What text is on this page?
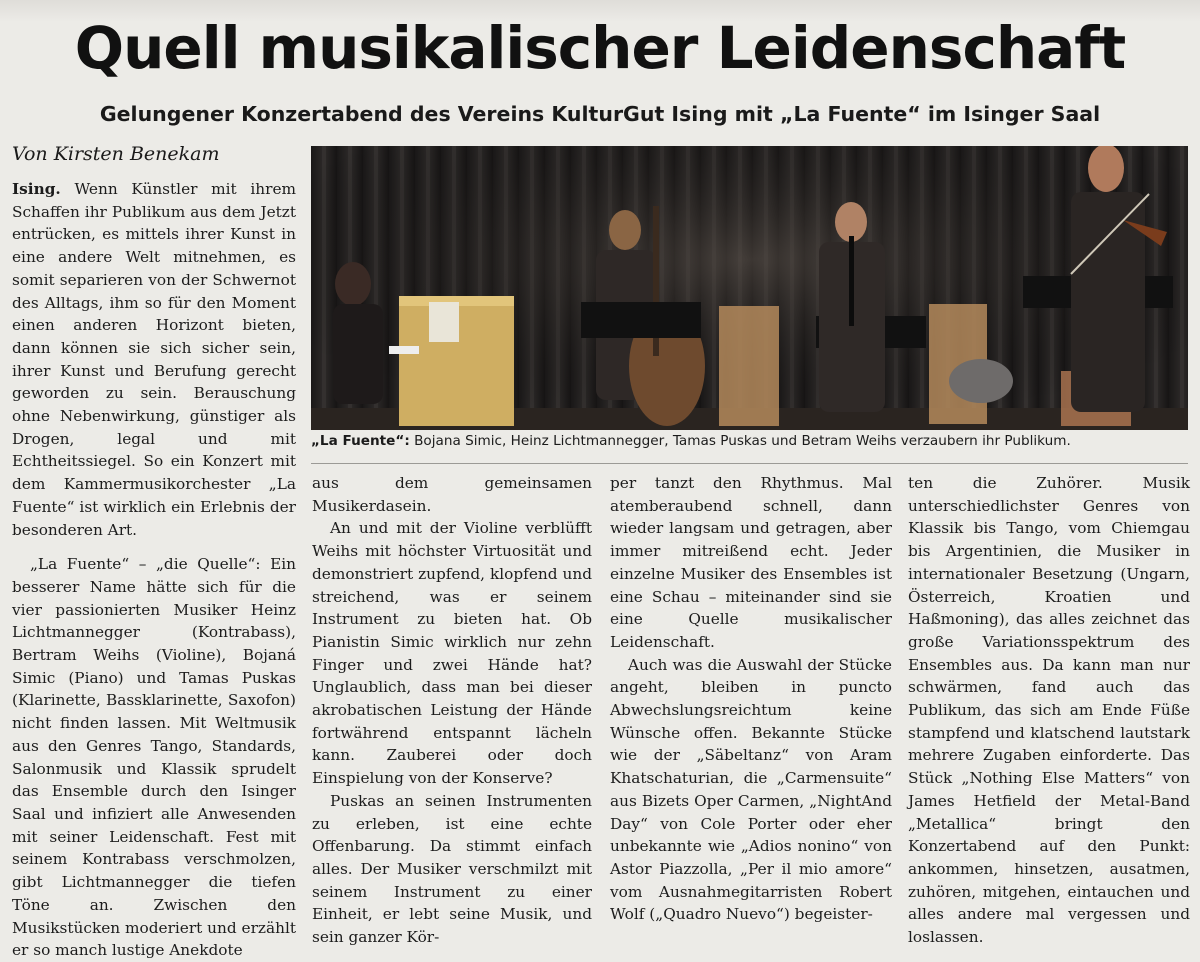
Quell musikalischer Leidenschaft
Gelungener Konzertabend des Vereins KulturGut Ising mit „La Fuente“ im Isinger Saal
Von Kirsten Benekam
„La Fuente“: Bojana Simic, Heinz Lichtmannegger, Tamas Puskas und Betram Weihs verzaubern ihr Publikum.

Ising. Wenn Künstler mit ihrem Schaffen ihr Publikum aus dem Jetzt entrücken, es mittels ihrer Kunst in eine andere Welt mitnehmen, es somit separieren von der Schwernot des Alltags, ihm so für den Moment einen anderen Horizont bieten, dann können sie sich sicher sein, ihrer Kunst und Berufung gerecht geworden zu sein. Berauschung ohne Nebenwirkung, günstiger als Drogen, legal und mit Echtheitssiegel. So ein Konzert mit dem Kammermusikorchester „La Fuente“ ist wirklich ein Erlebnis der besonderen Art.

„La Fuente“ – „die Quelle“: Ein besserer Name hätte sich für die vier passionierten Musiker Heinz Lichtmannegger (Kontrabass), Bertram Weihs (Violine), Bojaná Simic (Piano) und Tamas Puskas (Klarinette, Bassklarinette, Saxofon) nicht finden lassen. Mit Weltmusik aus den Genres Tango, Standards, Salonmusik und Klassik sprudelt das Ensemble durch den Isinger Saal und infiziert alle Anwesenden mit seiner Leidenschaft. Fest mit seinem Kontrabass verschmolzen, gibt Lichtmannegger die tiefen Töne an. Zwischen den Musikstücken moderiert und erzählt er so manch lustige Anekdote

aus dem gemeinsamen Musikerdasein.

An und mit der Violine verblüfft Weihs mit höchster Virtuosität und demonstriert zupfend, klopfend und streichend, was er seinem Instrument zu bieten hat. Ob Pianistin Simic wirklich nur zehn Finger und zwei Hände hat? Unglaublich, dass man bei dieser akrobatischen Leistung der Hände fortwährend entspannt lächeln kann. Zauberei oder doch Einspielung von der Konserve?

Puskas an seinen Instrumenten zu erleben, ist eine echte Offenbarung. Da stimmt einfach alles. Der Musiker verschmilzt mit seinem Instrument zu einer Einheit, er lebt seine Musik, und sein ganzer Kör-

per tanzt den Rhythmus. Mal atemberaubend schnell, dann wieder langsam und getragen, aber immer mitreißend echt. Jeder einzelne Musiker des Ensembles ist eine Schau – miteinander sind sie eine Quelle musikalischer Leidenschaft.

Auch was die Auswahl der Stücke angeht, bleiben in puncto Abwechslungsreichtum keine Wünsche offen. Bekannte Stücke wie der „Säbeltanz“ von Aram Khatschaturian, die „Carmensuite“ aus Bizets Oper Carmen, „NightAnd Day“ von Cole Porter oder eher unbekannte wie „Adios nonino“ von Astor Piazzolla, „Per il mio amore“ vom Ausnahmegitarristen Robert Wolf („Quadro Nuevo“) begeister-

ten die Zuhörer. Musik unterschiedlichster Genres von Klassik bis Tango, vom Chiemgau bis Argentinien, die Musiker in internationaler Besetzung (Ungarn, Österreich, Kroatien und Haßmoning), das alles zeichnet das große Variationsspektrum des Ensembles aus. Da kann man nur schwärmen, fand auch das Publikum, das sich am Ende Füße stampfend und klatschend lautstark mehrere Zugaben einforderte. Das Stück „Nothing Else Matters“ von James Hetfield der Metal-Band „Metallica“ bringt den Konzertabend auf den Punkt: ankommen, hinsetzen, ausatmen, zuhören, mitgehen, eintauchen und alles andere mal vergessen und loslassen.
